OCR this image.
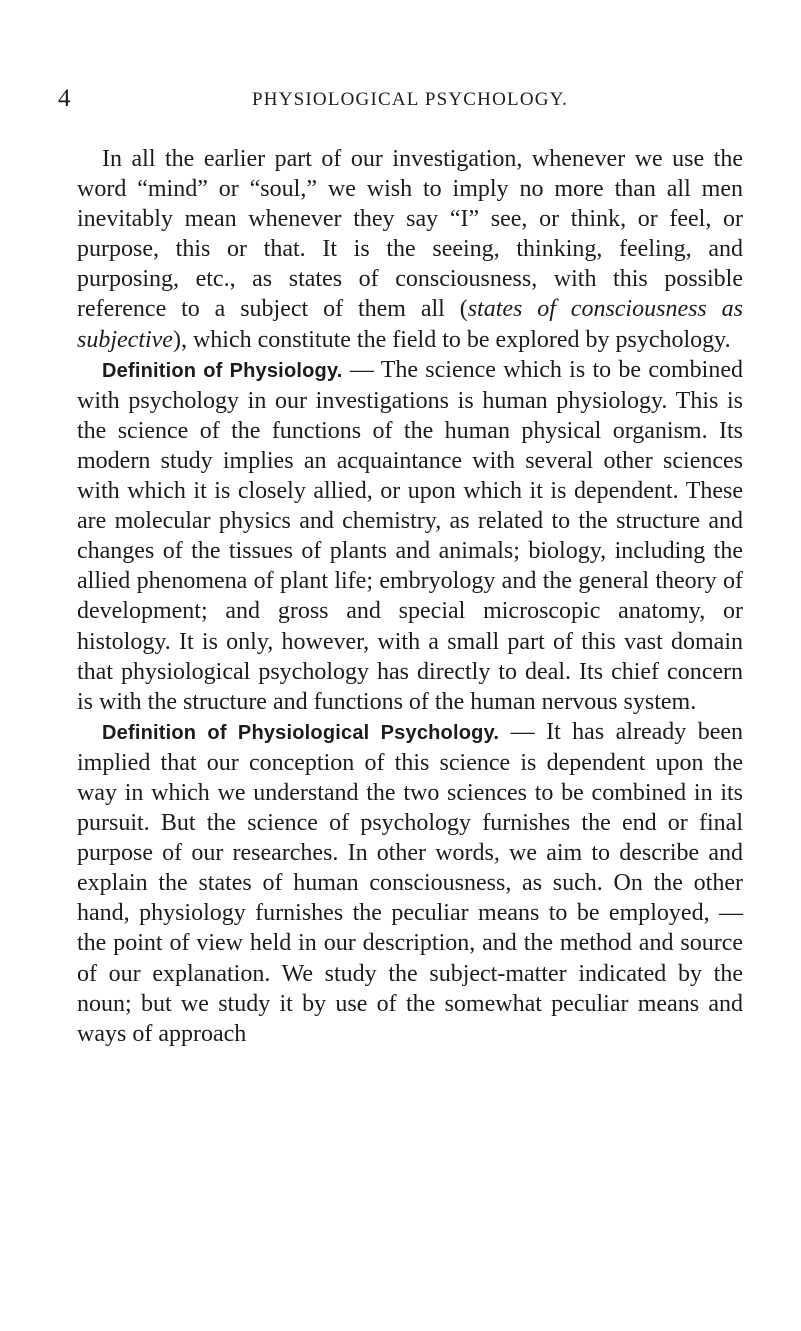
4	PHYSIOLOGICAL PSYCHOLOGY.

In all the earlier part of our investigation, whenever we use the word “mind” or “soul,” we wish to imply no more than all men inevitably mean whenever they say “I” see, or think, or feel, or purpose, this or that. It is the seeing, thinking, feeling, and purposing, etc., as states of consciousness, with this possible reference to a subject of them all (states of consciousness as subjective), which constitute the field to be explored by psychology.

Definition of Physiology. — The science which is to be combined with psychology in our investigations is human physiology. This is the science of the functions of the human physical organism. Its modern study implies an acquaintance with several other sciences with which it is closely allied, or upon which it is dependent. These are molecular physics and chemistry, as related to the structure and changes of the tissues of plants and animals; biology, including the allied phenomena of plant life; embryology and the general theory of development; and gross and special microscopic anatomy, or histology. It is only, however, with a small part of this vast domain that physiological psychology has directly to deal. Its chief concern is with the structure and functions of the human nervous system.

Definition of Physiological Psychology. — It has already been implied that our conception of this science is dependent upon the way in which we understand the two sciences to be combined in its pursuit. But the science of psychology furnishes the end or final purpose of our researches. In other words, we aim to describe and explain the states of human consciousness, as such. On the other hand, physiology furnishes the peculiar means to be employed, — the point of view held in our description, and the method and source of our explanation. We study the subject-matter indicated by the noun; but we study it by use of the somewhat peculiar means and ways of approach
